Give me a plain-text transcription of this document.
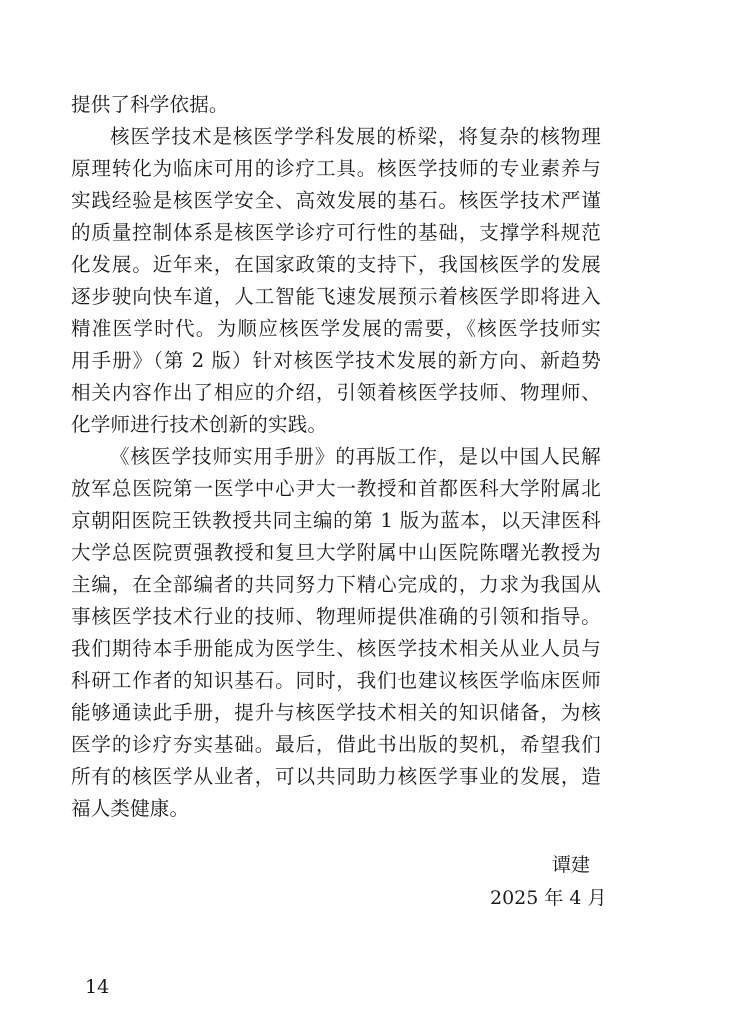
提供了科学依据。
核医学技术是核医学学科发展的桥梁，将复杂的核物理
原理转化为临床可用的诊疗工具。核医学技师的专业素养与
实践经验是核医学安全、高效发展的基石。核医学技术严谨
的质量控制体系是核医学诊疗可行性的基础，支撑学科规范
化发展。近年来，在国家政策的支持下，我国核医学的发展
逐步驶向快车道，人工智能飞速发展预示着核医学即将进入
精准医学时代。为顺应核医学发展的需要，《核医学技师实
用手册》（第 2 版）针对核医学技术发展的新方向、新趋势
相关内容作出了相应的介绍，引领着核医学技师、物理师、
化学师进行技术创新的实践。
《核医学技师实用手册》的再版工作，是以中国人民解
放军总医院第一医学中心尹大一教授和首都医科大学附属北
京朝阳医院王铁教授共同主编的第 1 版为蓝本，以天津医科
大学总医院贾强教授和复旦大学附属中山医院陈曙光教授为
主编，在全部编者的共同努力下精心完成的，力求为我国从
事核医学技术行业的技师、物理师提供准确的引领和指导。
我们期待本手册能成为医学生、核医学技术相关从业人员与
科研工作者的知识基石。同时，我们也建议核医学临床医师
能够通读此手册，提升与核医学技术相关的知识储备，为核
医学的诊疗夯实基础。最后，借此书出版的契机，希望我们
所有的核医学从业者，可以共同助力核医学事业的发展，造
福人类健康。
谭建
2025 年 4 月
14
